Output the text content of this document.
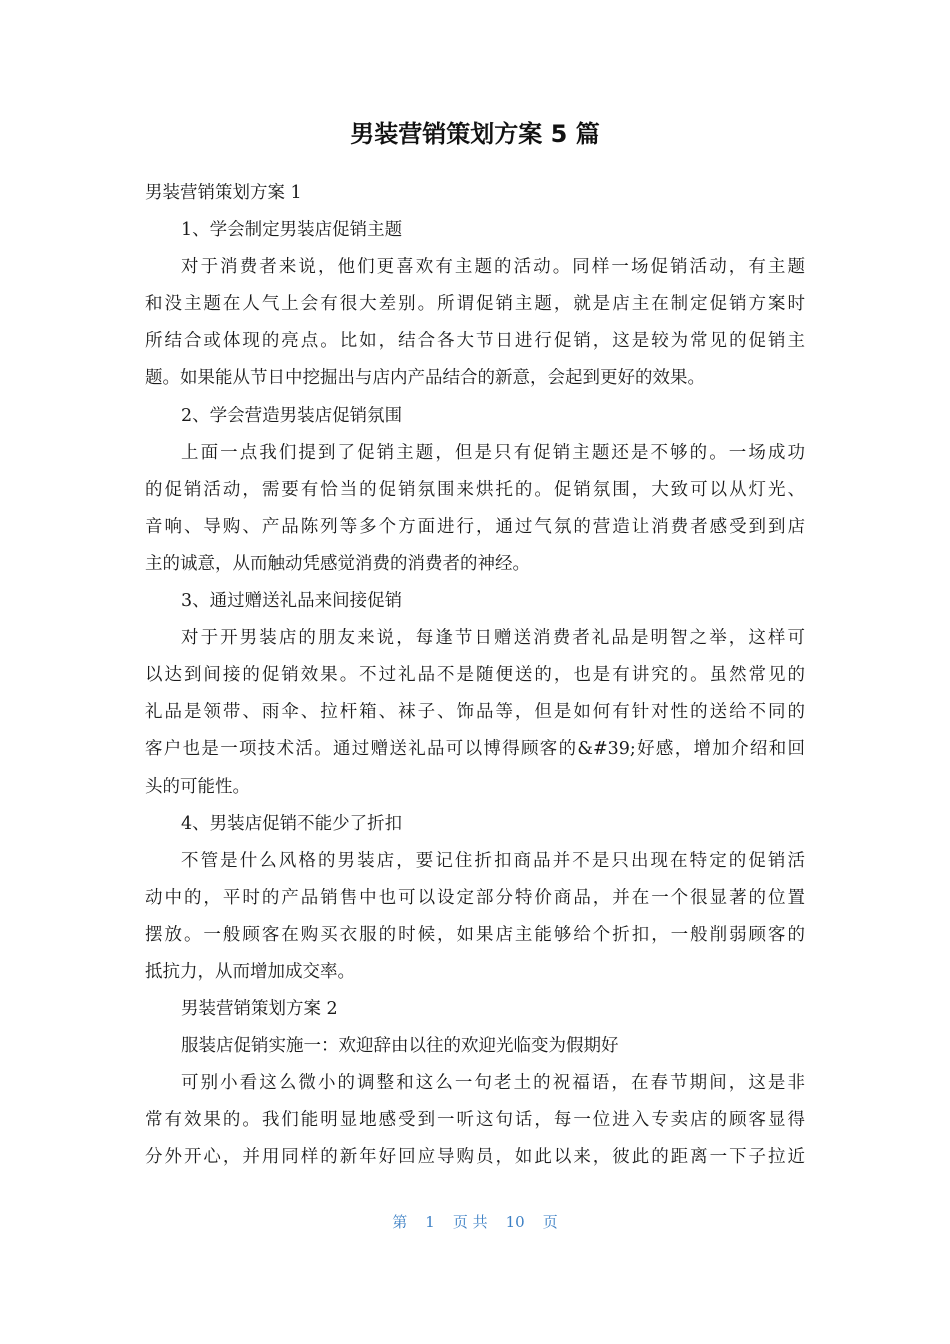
男装营销策划方案 5 篇
男装营销策划方案 1
1、学会制定男装店促销主题
对于消费者来说，他们更喜欢有主题的活动。同样一场促销活动，有主题
和没主题在人气上会有很大差别。所谓促销主题，就是店主在制定促销方案时
所结合或体现的亮点。比如，结合各大节日进行促销，这是较为常见的促销主
题。如果能从节日中挖掘出与店内产品结合的新意，会起到更好的效果。
2、学会营造男装店促销氛围
上面一点我们提到了促销主题，但是只有促销主题还是不够的。一场成功
的促销活动，需要有恰当的促销氛围来烘托的。促销氛围，大致可以从灯光、
音响、导购、产品陈列等多个方面进行，通过气氛的营造让消费者感受到到店
主的诚意，从而触动凭感觉消费的消费者的神经。
3、通过赠送礼品来间接促销
对于开男装店的朋友来说，每逢节日赠送消费者礼品是明智之举，这样可
以达到间接的促销效果。不过礼品不是随便送的，也是有讲究的。虽然常见的
礼品是领带、雨伞、拉杆箱、袜子、饰品等，但是如何有针对性的送给不同的
客户也是一项技术活。通过赠送礼品可以博得顾客的&#39;好感，增加介绍和回
头的可能性。
4、男装店促销不能少了折扣
不管是什么风格的男装店，要记住折扣商品并不是只出现在特定的促销活
动中的，平时的产品销售中也可以设定部分特价商品，并在一个很显著的位置
摆放。一般顾客在购买衣服的时候，如果店主能够给个折扣，一般削弱顾客的
抵抗力，从而增加成交率。
男装营销策划方案 2
服装店促销实施一：欢迎辞由以往的欢迎光临变为假期好
可别小看这么微小的调整和这么一句老土的祝福语，在春节期间，这是非
常有效果的。我们能明显地感受到一听这句话，每一位进入专卖店的顾客显得
分外开心，并用同样的新年好回应导购员，如此以来，彼此的距离一下子拉近
第 1 页 共 10 页
